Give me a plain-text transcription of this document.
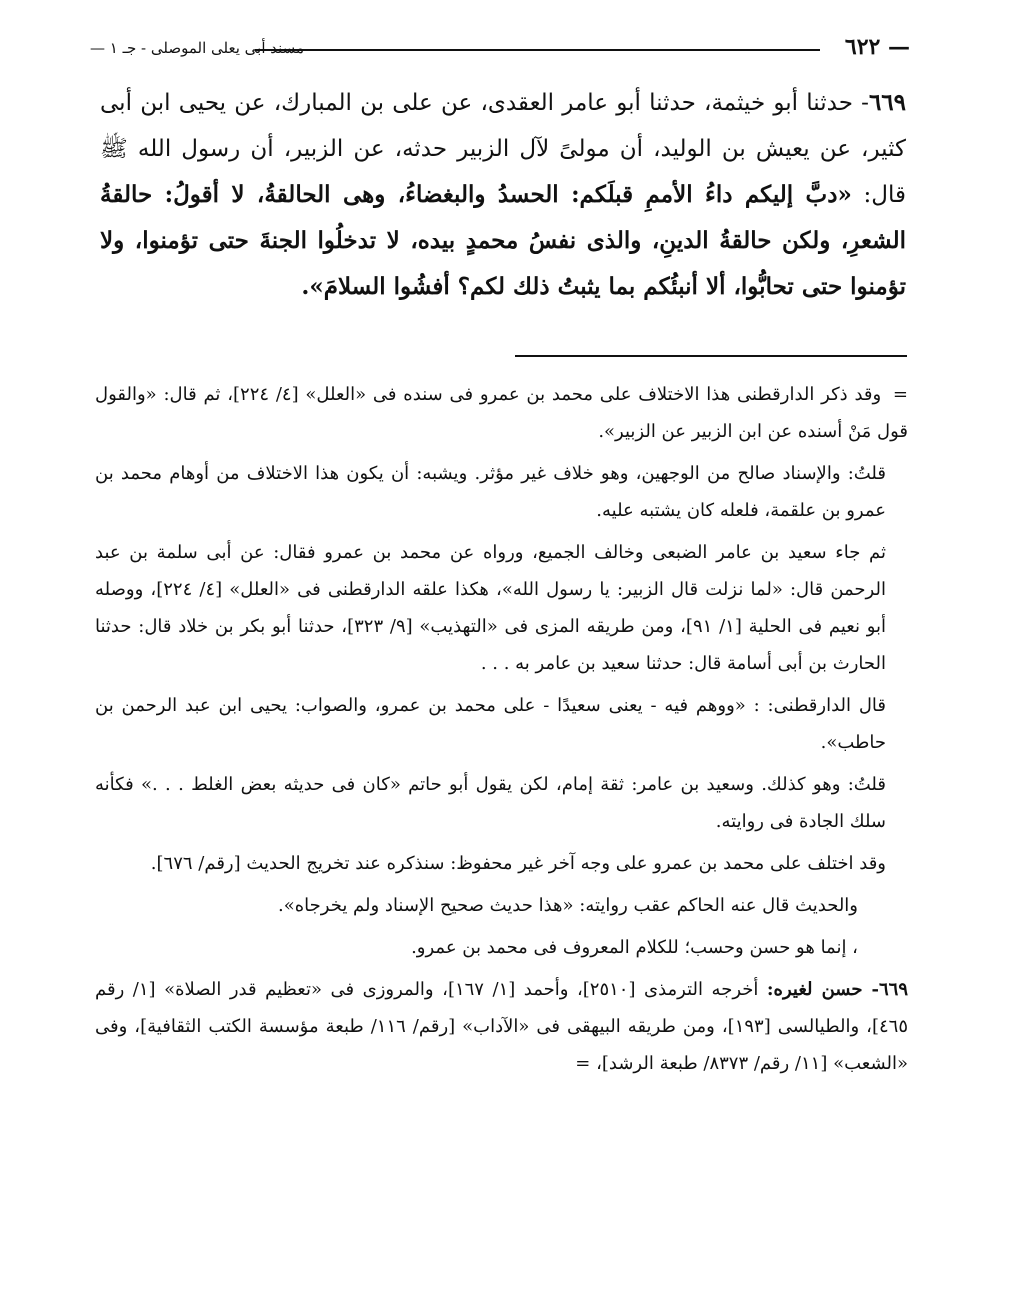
— ٦٢٢
مسند أبى يعلى الموصلى - جـ ١ —

٦٦٩- حدثنا أبو خيثمة، حدثنا أبو عامر العقدى، عن على بن المبارك، عن يحيى ابن أبى كثير، عن يعيش بن الوليد، أن مولىً لآل الزبير حدثه، عن الزبير، أن رسول الله ﷺ قال: «دبَّ إليكم داءُ الأممِ قبلَكم: الحسدُ والبغضاءُ، وهى الحالقةُ، لا أقولُ: حالقةُ الشعرِ، ولكن حالقةُ الدينِ، والذى نفسُ محمدٍ بيده، لا تدخلُوا الجنةَ حتى تؤمنوا، ولا تؤمنوا حتى تحابُّوا، ألا أنبئُكم بما يثبتُ ذلك لكم؟ أفشُوا السلامَ».

= وقد ذكر الدارقطنى هذا الاختلاف على محمد بن عمرو فى سنده فى «العلل» [٤/ ٢٢٤]، ثم قال: «والقول قول مَنْ أسنده عن ابن الزبير عن الزبير».

قلتُ: والإسناد صالح من الوجهين، وهو خلاف غير مؤثر. ويشبه: أن يكون هذا الاختلاف من أوهام محمد بن عمرو بن علقمة، فلعله كان يشتبه عليه.

ثم جاء سعيد بن عامر الضبعى وخالف الجميع، ورواه عن محمد بن عمرو فقال: عن أبى سلمة بن عبد الرحمن قال: «لما نزلت قال الزبير: يا رسول الله»، هكذا علقه الدارقطنى فى «العلل» [٤/ ٢٢٤]، ووصله أبو نعيم فى الحلية [١/ ٩١]، ومن طريقه المزى فى «التهذيب» [٩/ ٣٢٣]، حدثنا أبو بكر بن خلاد قال: حدثنا الحارث بن أبى أسامة قال: حدثنا سعيد بن عامر به . . .

قال الدارقطنى: : «ووهم فيه - يعنى سعيدًا - على محمد بن عمرو، والصواب: يحيى ابن عبد الرحمن بن حاطب».

قلتُ: وهو كذلك. وسعيد بن عامر: ثقة إمام، لكن يقول أبو حاتم «كان فى حديثه بعض الغلط . . .» فكأنه سلك الجادة فى روايته.

وقد اختلف على محمد بن عمرو على وجه آخر غير محفوظ: سنذكره عند تخريج الحديث [رقم/ ٦٧٦].

والحديث قال عنه الحاكم عقب روايته: «هذا حديث صحيح الإسناد ولم يخرجاه».

، إنما هو حسن وحسب؛ للكلام المعروف فى محمد بن عمرو.

٦٦٩- حسن لغيره: أخرجه الترمذى [٢٥١٠]، وأحمد [١/ ١٦٧]، والمروزى فى «تعظيم قدر الصلاة» [١/ رقم ٤٦٥]، والطيالسى [١٩٣]، ومن طريقه البيهقى فى «الآداب» [رقم/ ١١٦/ طبعة مؤسسة الكتب الثقافية]، وفى «الشعب» [١١/ رقم/ ٨٣٧٣/ طبعة الرشد]، =
